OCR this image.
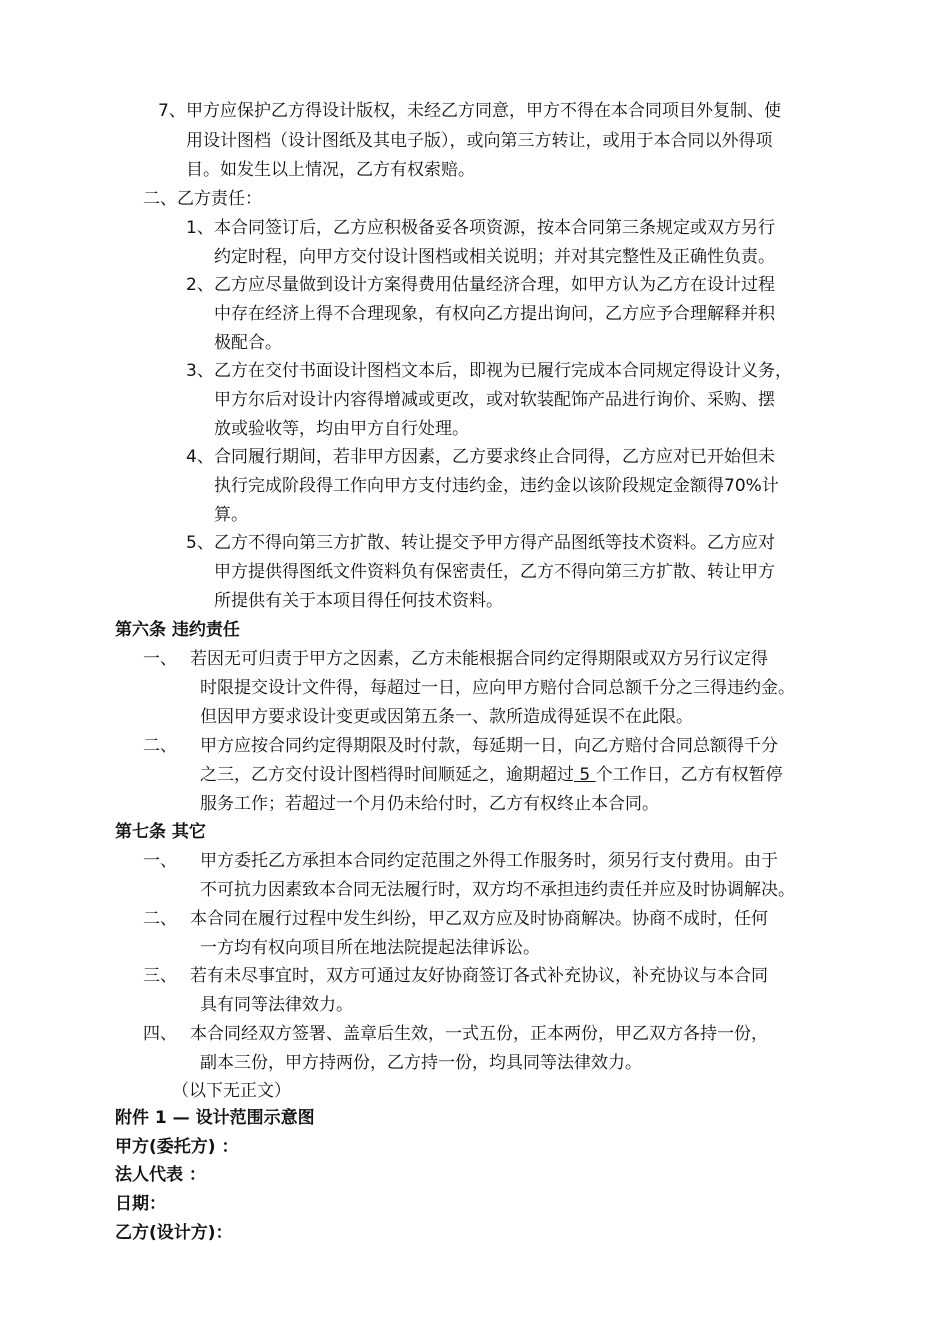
7、 甲方应保护乙方得设计版权，未经乙方同意，甲方不得在本合同项目外复制、使
用设计图档（设计图纸及其电子版），或向第三方转让，或用于本合同以外得项
目。如发生以上情况，乙方有权索赔。
二、乙方责任：
1、 本合同签订后，乙方应积极备妥各项资源，按本合同第三条规定或双方另行
约定时程，向甲方交付设计图档或相关说明；并对其完整性及正确性负责。
2、 乙方应尽量做到设计方案得费用估量经济合理，如甲方认为乙方在设计过程
中存在经济上得不合理现象，有权向乙方提出询问，乙方应予合理解释并积
极配合。
3、 乙方在交付书面设计图档文本后，即视为已履行完成本合同规定得设计义务，
甲方尔后对设计内容得增减或更改，或对软装配饰产品进行询价、采购、摆
放或验收等，均由甲方自行处理。
4、 合同履行期间，若非甲方因素，乙方要求终止合同得，乙方应对已开始但未
执行完成阶段得工作向甲方支付违约金，违约金以该阶段规定金额得70%计
算。
5、 乙方不得向第三方扩散、转让提交予甲方得产品图纸等技术资料。乙方应对
甲方提供得图纸文件资料负有保密责任，乙方不得向第三方扩散、转让甲方
所提供有关于本项目得任何技术资料。
第六条 违约责任
一、 若因无可归责于甲方之因素，乙方未能根据合同约定得期限或双方另行议定得
时限提交设计文件得，每超过一日，应向甲方赔付合同总额千分之三得违约金。
但因甲方要求设计变更或因第五条一、款所造成得延误不在此限。
二、 甲方应按合同约定得期限及时付款，每延期一日，向乙方赔付合同总额得千分
之三，乙方交付设计图档得时间顺延之，逾期超过 5 个工作日，乙方有权暂停
服务工作；若超过一个月仍未给付时，乙方有权终止本合同。
第七条 其它
一、 甲方委托乙方承担本合同约定范围之外得工作服务时，须另行支付费用。由于
不可抗力因素致本合同无法履行时，双方均不承担违约责任并应及时协调解决。
二、 本合同在履行过程中发生纠纷，甲乙双方应及时协商解决。协商不成时，任何
一方均有权向项目所在地法院提起法律诉讼。
三、 若有未尽事宜时，双方可通过友好协商签订各式补充协议，补充协议与本合同
具有同等法律效力。
四、 本合同经双方签署、盖章后生效，一式五份，正本两份，甲乙双方各持一份，
副本三份，甲方持两份，乙方持一份，均具同等法律效力。
（以下无正文）
附件 1 — 设计范围示意图
甲方(委托方) ：
法人代表 ：
日期：
乙方(设计方)：
